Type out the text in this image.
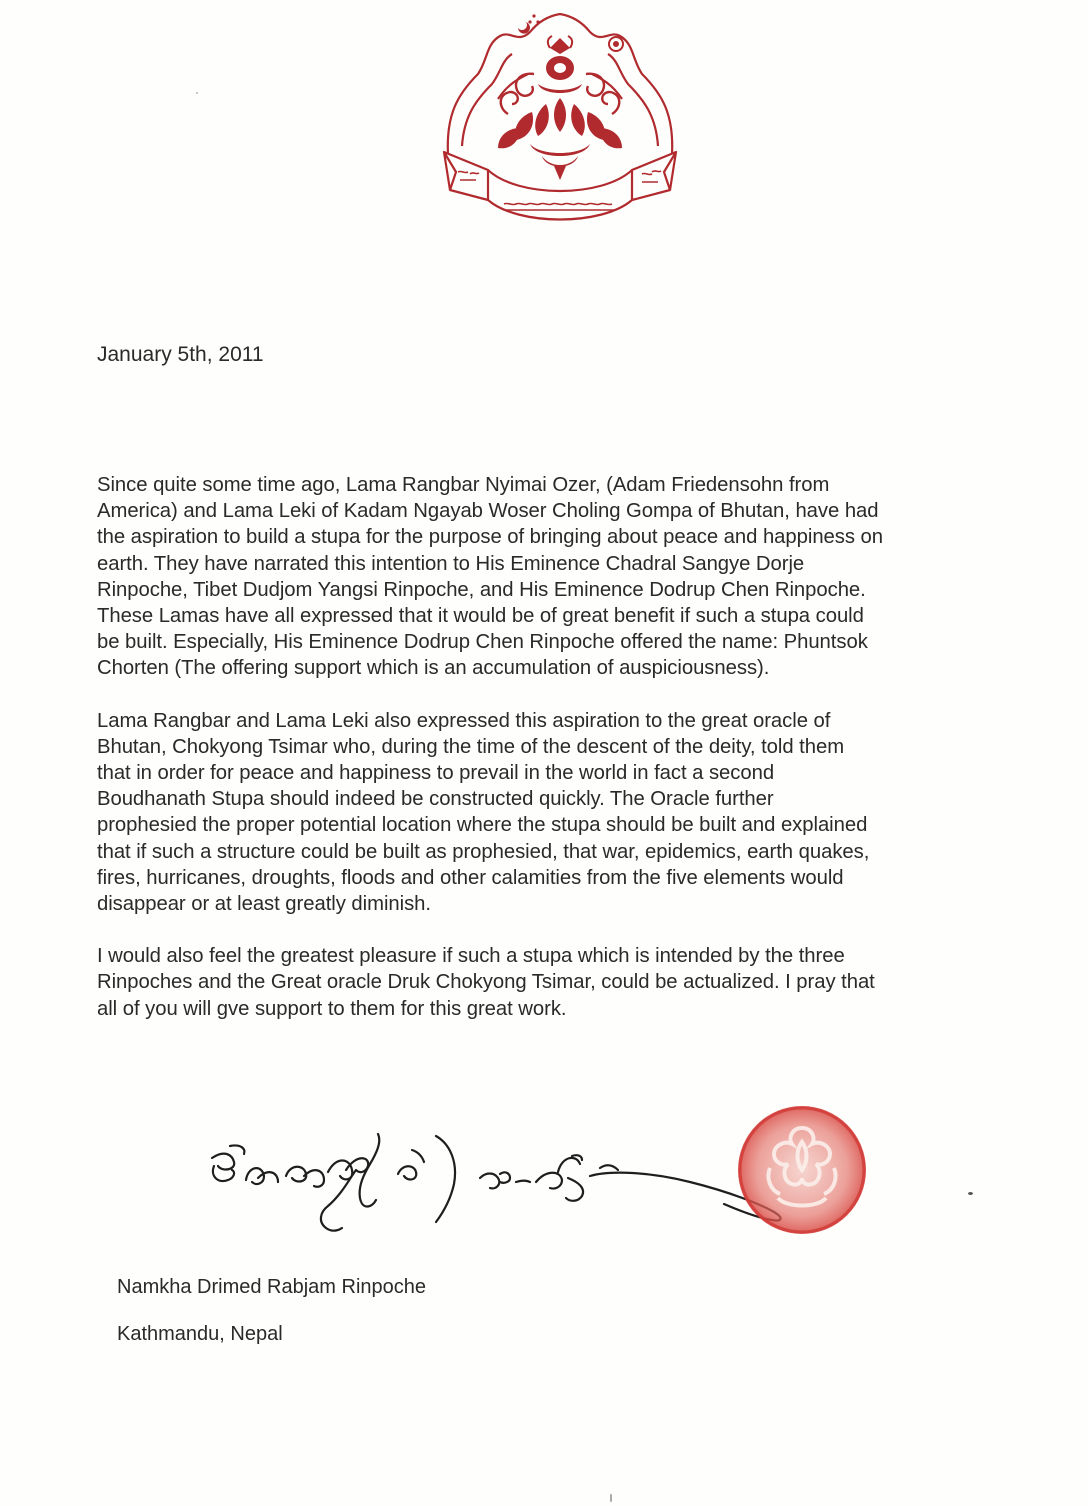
January 5th, 2011

Since quite some time ago, Lama Rangbar Nyimai Ozer, (Adam Friedensohn from
America) and Lama Leki of Kadam Ngayab Woser Choling Gompa of Bhutan, have had
the aspiration to build a stupa for the purpose of bringing about peace and happiness on
earth. They have narrated this intention to His Eminence Chadral Sangye Dorje
Rinpoche, Tibet Dudjom Yangsi Rinpoche, and His Eminence Dodrup Chen Rinpoche.
These Lamas have all expressed that it would be of great benefit if such a stupa could
be built. Especially, His Eminence Dodrup Chen Rinpoche offered the name: Phuntsok
Chorten (The offering support which is an accumulation of auspiciousness).

Lama Rangbar and Lama Leki also expressed this aspiration to the great oracle of
Bhutan, Chokyong Tsimar who, during the time of the descent of the deity, told them
that in order for peace and happiness to prevail in the world in fact a second
Boudhanath Stupa should indeed be constructed quickly. The Oracle further
prophesied the proper potential location where the stupa should be built and explained
that if such a structure could be built as prophesied, that war, epidemics, earth quakes,
fires, hurricanes, droughts, floods and other calamities from the five elements would
disappear or at least greatly diminish.

I would also feel the greatest pleasure if such a stupa which is intended by the three
Rinpoches and the Great oracle Druk Chokyong Tsimar, could be actualized. I pray that
all of you will gve support to them for this great work.

Namkha Drimed Rabjam Rinpoche
Kathmandu, Nepal
